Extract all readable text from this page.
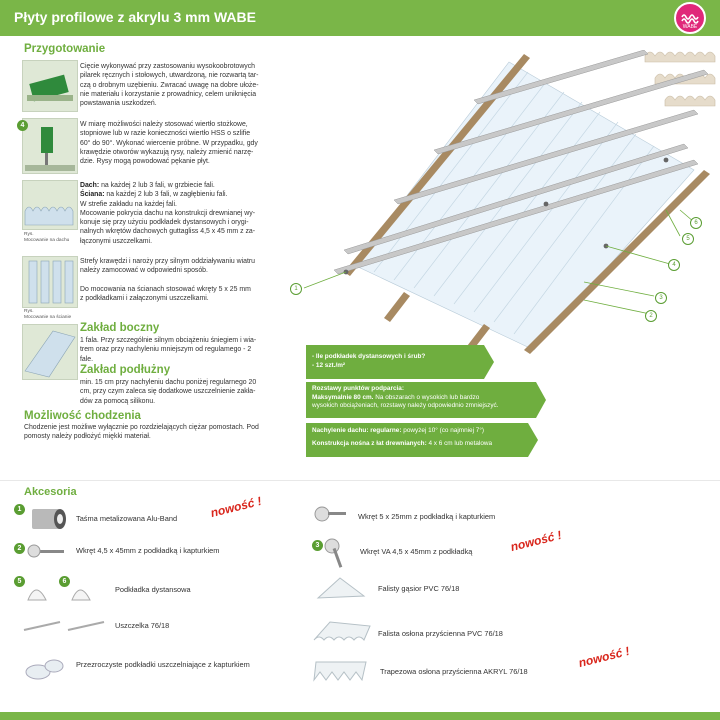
Płyty profilowe z akrylu 3 mm WABE
WABE
Przygotowanie
Cięcie wykonywać przy zastosowaniu wysokoobrotowych
pilarek ręcznych i stołowych, utwardzoną, nie rozwartą tar-
czą o drobnym uzębieniu. Zwracać uwagę na dobre ułoże-
nie materiału i korzystanie z prowadnicy, celem uniknięcia
powstawania uszkodzeń.
4	W miarę możliwości należy stosować wiertło stożkowe,
stopniowe lub w razie konieczności wiertło HSS o szlifie
60° do 90°. Wykonać wiercenie próbne. W przypadku, gdy
krawędzie otworów wykazują rysy, należy zmienić narzę-
dzie. Rysy mogą powodować pękanie płyt.
Rys.
Mocowanie na dachu
Dach: na każdej 2 lub 3 fali, w grzbiecie fali.
Ściana: na każdej 2 lub 3 fali, w zagłębieniu fali.
W strefie zakładu na każdej fali.
Mocowanie pokrycia dachu na konstrukcji drewnianej wy-
konuje się przy użyciu podkładek dystansowych i orygi-
nalnych wkrętów dachowych guttagliss 4,5 x 45 mm z za-
łączonymi uszczelkami.
Rys.
Mocowanie na ścianie
Strefy krawędzi i naroży przy silnym oddziaływaniu wiatru
należy zamocować w odpowiedni sposób.
Do mocowania na ścianach stosować wkręty 5 x 25 mm
z podkładkami i załączonymi uszczelkami.
Zakład boczny
1 fala. Przy szczególnie silnym obciążeniu śniegiem i wia-
trem oraz przy nachyleniu mniejszym od regulamego - 2
fale.
Zakład podłużny
min. 15 cm przy nachyleniu dachu poniżej regularnego 20
cm, przy czym zaleca się dodatkowe uszczelnienie zakła-
dów za pomocą silikonu.
Możliwość chodzenia
Chodzenie jest możliwe wyłącznie po rozdzielających ciężar pomostach. Pod
pomosty należy podłożyć miękki materiał.
1
2
3
4
5
6
- Ile podkładek dystansowych i śrub?
- 12 szt./m²
Rozstawy punktów podparcia:
Maksymalnie 80 cm. Na obszarach o wysokich lub bardzo
wysokich obciążeniach, rozstawy należy odpowiednio zmniejszyć.
Nachylenie dachu: regularne: powyżej 10° (co najmniej 7°)
Konstrukcja nośna z łat drewnianych: 4 x 6 cm lub metalowa
Akcesoria
1
Taśma metalizowana Alu-Band	nowość !
2	Wkręt 4,5 x 45mm z podkładką i kapturkiem
5	6
Podkładka dystansowa
Uszczelka 76/18
Przezroczyste podkładki uszczelniające z kapturkiem
Wkręt 5 x 25mm z podkładką i kapturkiem
3
Wkręt VA 4,5 x 45mm z podkładką	nowość !
Falisty gąsior PVC 76/18
Falista osłona przyścienna PVC 76/18
Trapezowa osłona przyścienna AKRYL 76/18
nowość !
